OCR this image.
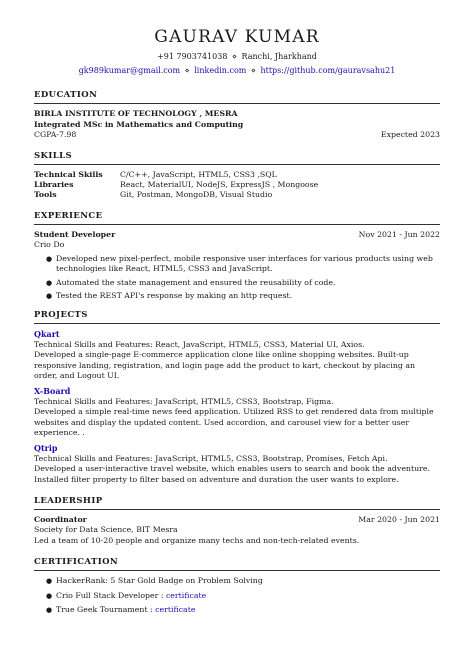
GAURAV KUMAR
+91 7903741038 ⋄ Ranchi, Jharkhand
gk989kumar@gmail.com ⋄ linkedin.com ⋄ https://github.com/gauravsahu21
EDUCATION
BIRLA INSTITUTE OF TECHNOLOGY , MESRA
Integrated MSc in Mathematics and Computing
CGPA-7.98	Expected 2023
SKILLS
Technical Skills	C/C++, JavaScript, HTML5, CSS3 ,SQL
Libraries	React, MaterialUI, NodeJS, ExpressJS , Mongoose
Tools	Git, Postman, MongoDB, Visual Studio
EXPERIENCE
Student Developer	Nov 2021 - Jun 2022
Crio Do
● Developed new pixel-perfect, mobile responsive user interfaces for various products using web technologies like React, HTML5, CSS3 and JavaScript.
● Automated the state management and ensured the reusability of code.
● Tested the REST API's response by making an http request.
PROJECTS
Qkart
Technical Skills and Features: React, JavaScript, HTML5, CSS3, Material UI, Axios.
Developed a single-page E-commerce application clone like online shopping websites. Built-up responsive landing, registration, and login page add the product to kart, checkout by placing an order, and Logout UI.
X-Board
Technical Skills and Features: JavaScript, HTML5, CSS3, Bootstrap, Figma.
Developed a simple real-time news feed application. Utilized RSS to get rendered data from multiple websites and display the updated content. Used accordion, and carousel view for a better user experience. .
Qtrip
Technical Skills and Features: JavaScript, HTML5, CSS3, Bootstrap, Promises, Fetch Api.
Developed a user-interactive travel website, which enables users to search and book the adventure. Installed filter property to filter based on adventure and duration the user wants to explore.
LEADERSHIP
Coordinator	Mar 2020 - Jun 2021
Society for Data Science, BIT Mesra
Led a team of 10-20 people and organize many techs and non-tech-related events.
CERTIFICATION
● HackerRank: 5 Star Gold Badge on Problem Solving
● Crio Full Stack Developer : certificate
● True Geek Tournament : certificate
